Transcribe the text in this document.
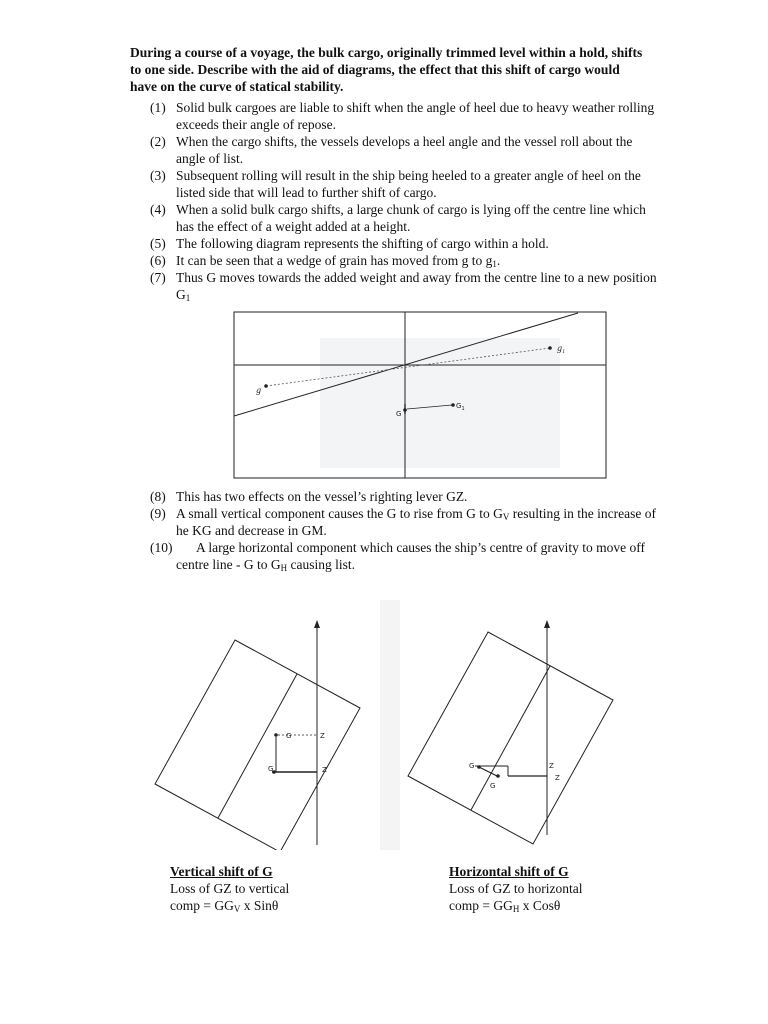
During a course of a voyage, the bulk cargo, originally trimmed level within a hold, shifts to one side. Describe with the aid of diagrams, the effect that this shift of cargo would have on the curve of statical stability.
(1) Solid bulk cargoes are liable to shift when the angle of heel due to heavy weather rolling exceeds their angle of repose.
(2) When the cargo shifts, the vessels develops a heel angle and the vessel roll about the angle of list.
(3) Subsequent rolling will result in the ship being heeled to a greater angle of heel on the listed side that will lead to further shift of cargo.
(4) When a solid bulk cargo shifts, a large chunk of cargo is lying off the centre line which has the effect of a weight added at a height.
(5) The following diagram represents the shifting of cargo within a hold.
(6) It can be seen that a wedge of grain has moved from g to $g_1$.
(7) Thus G moves towards the added weight and away from the centre line to a new position $G_1$
g
$g_1$
G
$G_1$
(8) This has two effects on the vessel’s righting lever GZ.
(9) A small vertical component causes the G to rise from G to $G_V$ resulting in the increase of he KG and decrease in GM.
(10)	A large horizontal component which causes the ship’s centre of gravity to move off centre line - G to $G_H$ causing list.
G	Z
G	Z	G
G
Z
Z
Vertical shift of G
Loss of GZ to vertical
comp = $GG_V$ x Sinθ
Horizontal shift of G
Loss of GZ to horizontal
comp = $GG_H$ x Cosθ
